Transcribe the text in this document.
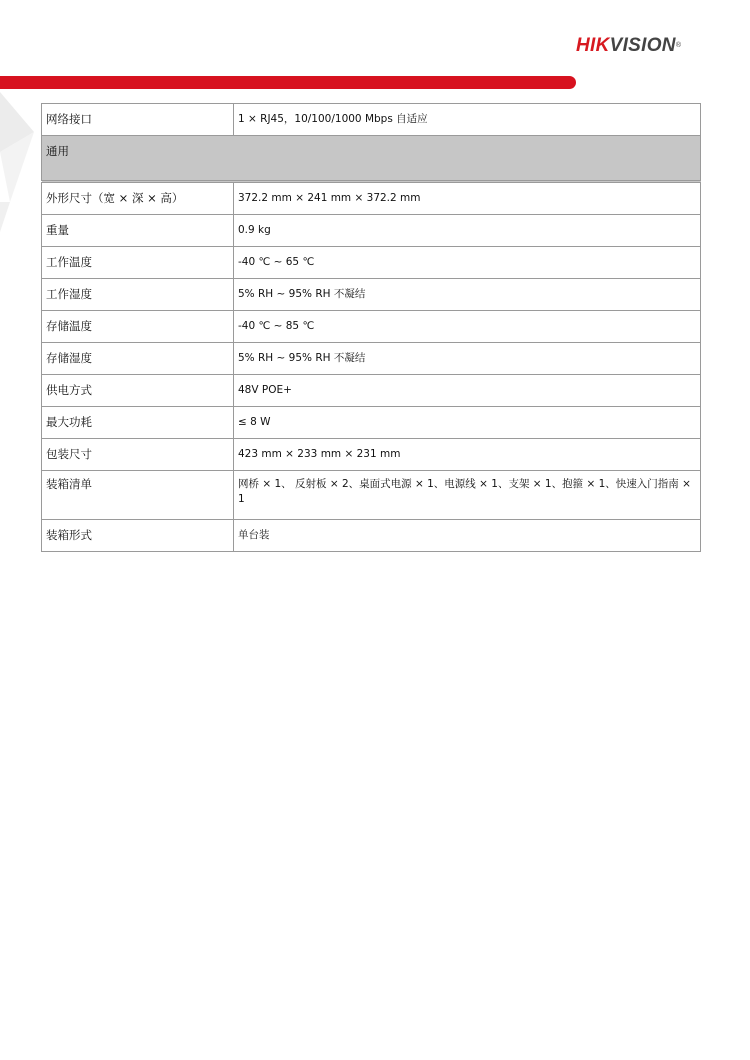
HIKVISION®
网络接口	1 × RJ45，10/100/1000 Mbps 自适应
通用	
外形尺寸（宽 × 深 × 高）	372.2 mm × 241 mm × 372.2 mm
重量	0.9 kg
工作温度	-40 ℃ ~ 65 ℃
工作湿度	5% RH ~ 95% RH 不凝结
存储温度	-40 ℃ ~ 85 ℃
存储湿度	5% RH ~ 95% RH 不凝结
供电方式	48V POE+
最大功耗	≤ 8 W
包装尺寸	423 mm × 233 mm × 231 mm
装箱清单	网桥 × 1、 反射板 × 2、桌面式电源 × 1、电源线 × 1、支架 × 1、抱箍 × 1、快速入门指南 × 1
装箱形式	单台装
